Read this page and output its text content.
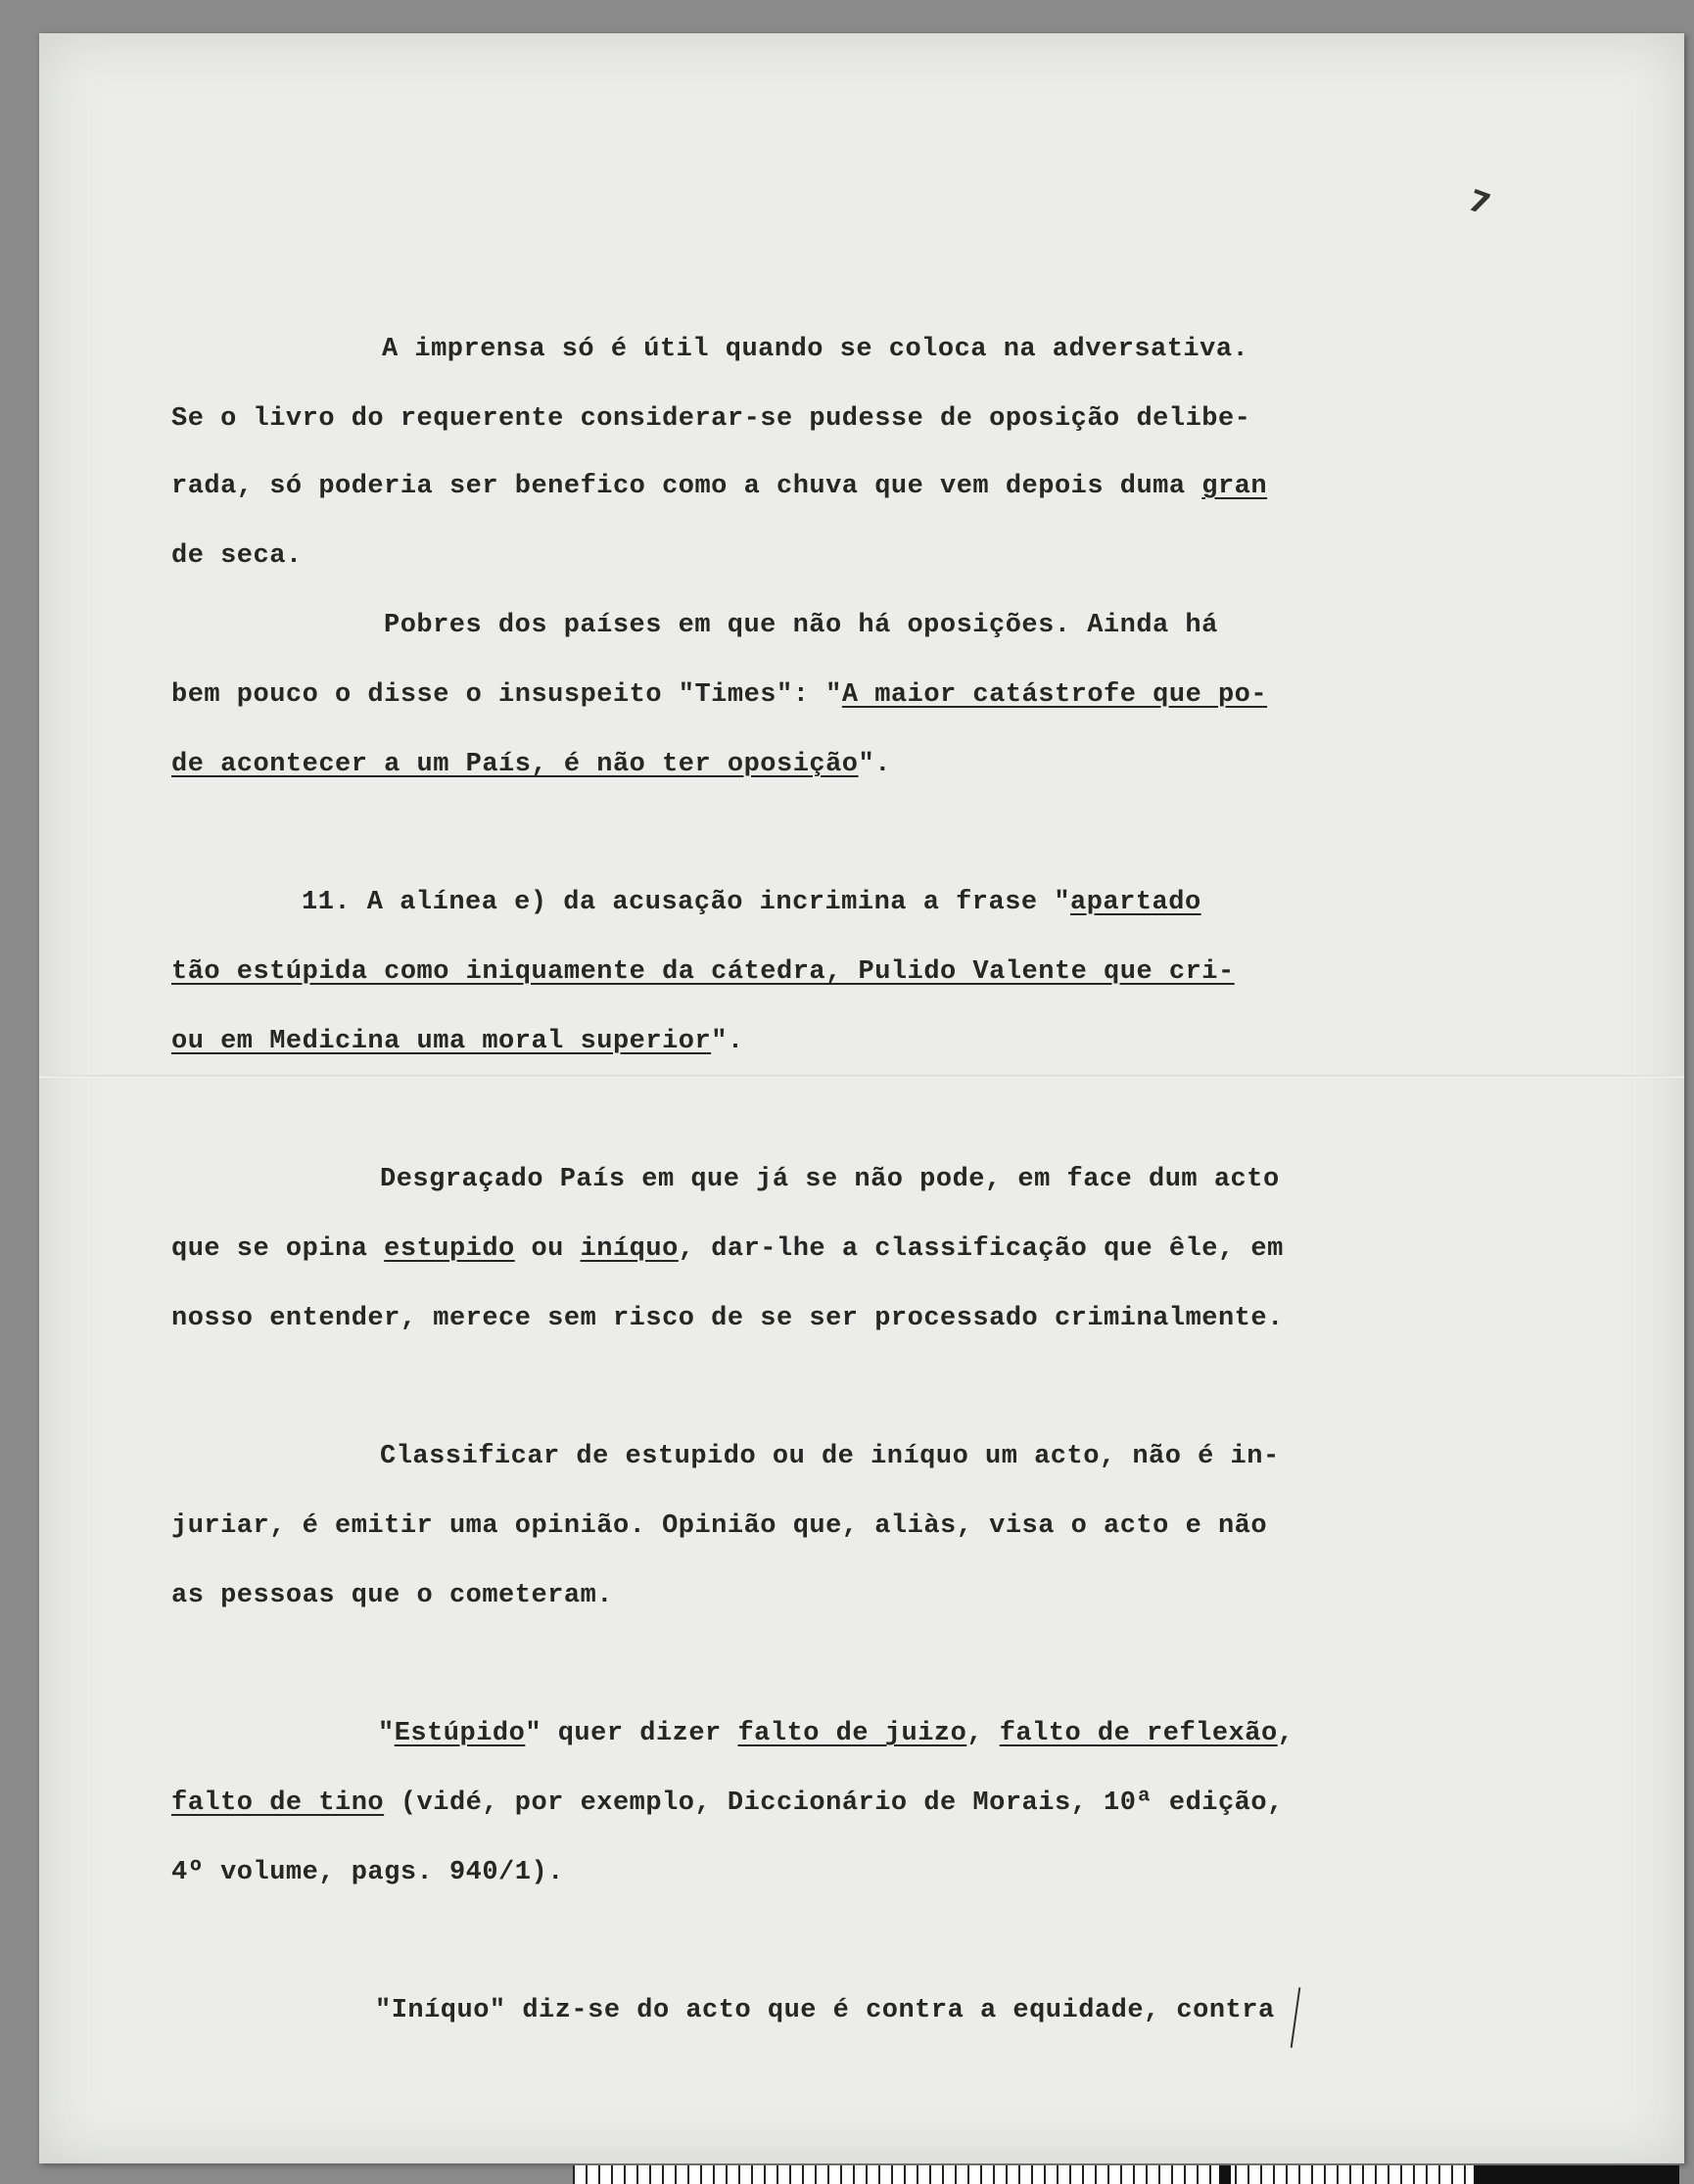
A imprensa só é útil quando se coloca na adversativa.
Se o livro do requerente considerar-se pudesse de oposição delibe-
rada, só poderia ser benefico como a chuva que vem depois duma gran
de seca.
Pobres dos países em que não há oposições. Ainda há
bem pouco o disse o insuspeito "Times": "A maior catástrofe que po-
de acontecer a um País, é não ter oposição".
11. A alínea e) da acusação incrimina a frase "apartado
tão estúpida como iniquamente da cátedra, Pulido Valente que cri-
ou em Medicina uma moral superior".
Desgraçado País em que já se não pode, em face dum acto
que se opina estupido ou iníquo, dar-lhe a classificação que êle, em
nosso entender, merece sem risco de se ser processado criminalmente.
Classificar de estupido ou de iníquo um acto, não é in-
juriar, é emitir uma opinião. Opinião que, aliàs, visa o acto e não
as pessoas que o cometeram.
"Estúpido" quer dizer falto de juizo, falto de reflexão,
falto de tino (vidé, por exemplo, Diccionário de Morais, 10ª edição,
4º volume, pags. 940/1).
"Iníquo" diz-se do acto que é contra a equidade, contra
7
